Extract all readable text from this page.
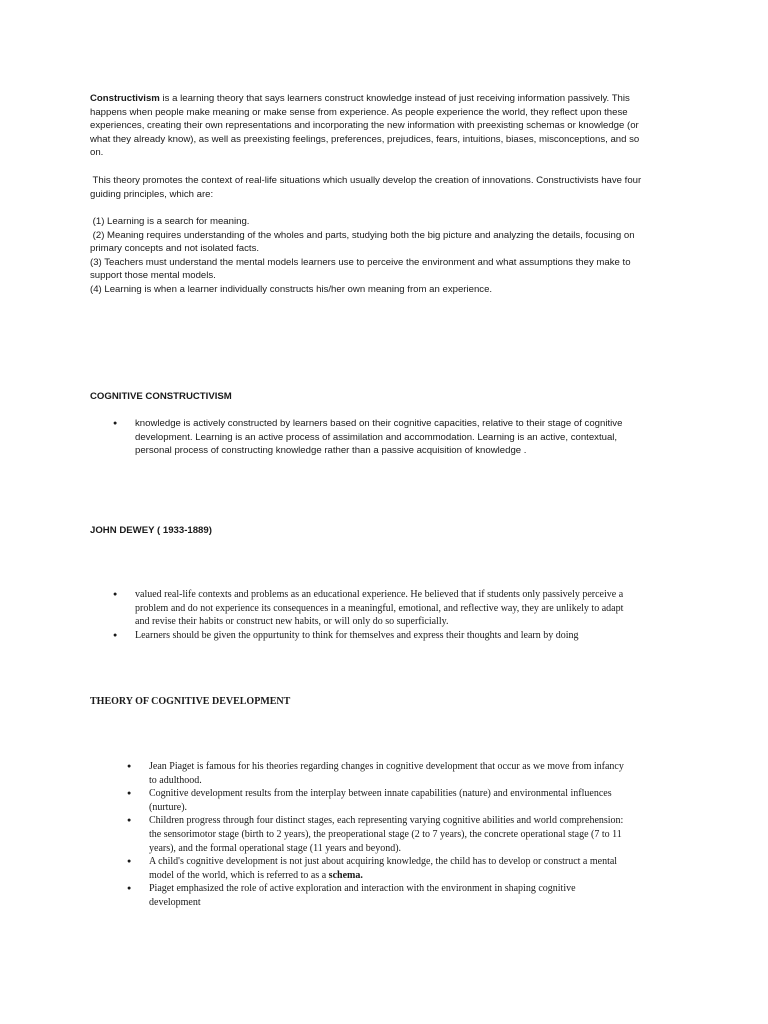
Constructivism is a learning theory that says learners construct knowledge instead of just receiving information passively. This
happens when people make meaning or make sense from experience. As people experience the world, they reflect upon these
experiences, creating their own representations and incorporating the new information with preexisting schemas or knowledge (or
what they already know), as well as preexisting feelings, preferences, prejudices, fears, intuitions, biases, misconceptions, and so
on.
This theory promotes the context of real-life situations which usually develop the creation of innovations. Constructivists have four
guiding principles, which are:
(1) Learning is a search for meaning.
(2) Meaning requires understanding of the wholes and parts, studying both the big picture and analyzing the details, focusing on
primary concepts and not isolated facts.
(3) Teachers must understand the mental models learners use to perceive the environment and what assumptions they make to
support those mental models.
(4) Learning is when a learner individually constructs his/her own meaning from an experience.
COGNITIVE CONSTRUCTIVISM
● knowledge is actively constructed by learners based on their cognitive capacities, relative to their stage of cognitive
development. Learning is an active process of assimilation and accommodation. Learning is an active, contextual,
personal process of constructing knowledge rather than a passive acquisition of knowledge .
JOHN DEWEY ( 1933-1889)
● valued real-life contexts and problems as an educational experience. He believed that if students only passively perceive a
problem and do not experience its consequences in a meaningful, emotional, and reflective way, they are unlikely to adapt
and revise their habits or construct new habits, or will only do so superficially.
● Learners should be given the oppurtunity to think for themselves and express their thoughts and learn by doing
THEORY OF COGNITIVE DEVELOPMENT
● Jean Piaget is famous for his theories regarding changes in cognitive development that occur as we move from infancy
to adulthood.
● Cognitive development results from the interplay between innate capabilities (nature) and environmental influences
(nurture).
● Children progress through four distinct stages, each representing varying cognitive abilities and world comprehension:
the sensorimotor stage (birth to 2 years), the preoperational stage (2 to 7 years), the concrete operational stage (7 to 11
years), and the formal operational stage (11 years and beyond).
● A child's cognitive development is not just about acquiring knowledge, the child has to develop or construct a mental
model of the world, which is referred to as a schema.
● Piaget emphasized the role of active exploration and interaction with the environment in shaping cognitive
development
